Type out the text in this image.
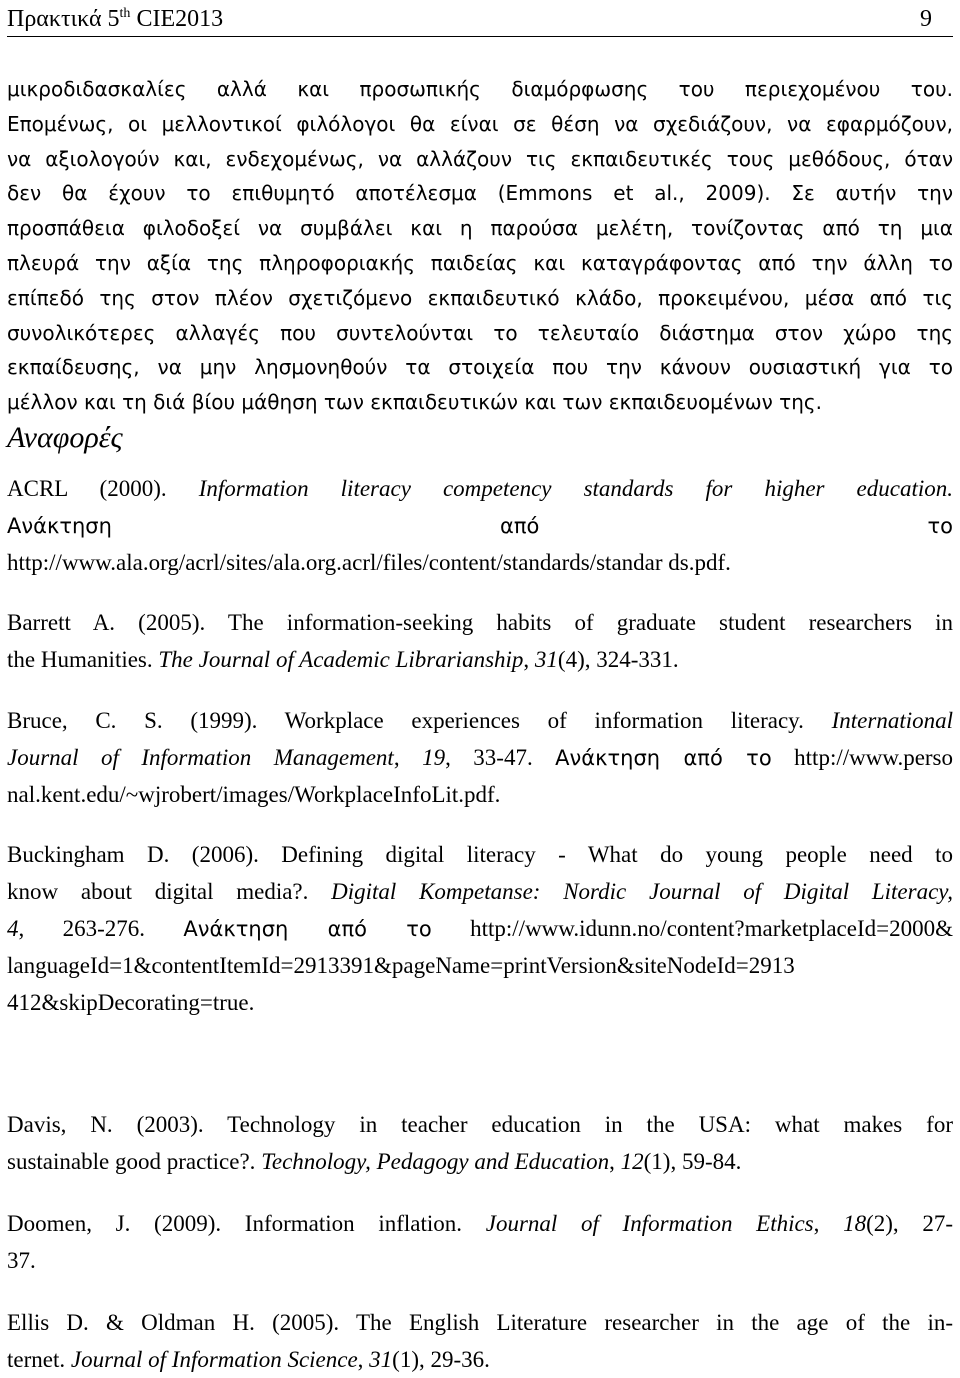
Πρακτικά 5th CIE2013	9
μικροδιδασκαλίες αλλά και προσωπικής διαμόρφωσης του περιεχομένου του.
Επομένως, οι μελλοντικοί φιλόλογοι θα είναι σε θέση να σχεδιάζουν, να εφαρμόζουν,
να αξιολογούν και, ενδεχομένως, να αλλάζουν τις εκπαιδευτικές τους μεθόδους, όταν
δεν θα έχουν το επιθυμητό αποτέλεσμα (Emmons et al., 2009). Σε αυτήν την
προσπάθεια φιλοδοξεί να συμβάλει και η παρούσα μελέτη, τονίζοντας από τη μια
πλευρά την αξία της πληροφοριακής παιδείας και καταγράφοντας από την άλλη το
επίπεδό της στον πλέον σχετιζόμενο εκπαιδευτικό κλάδο, προκειμένου, μέσα από τις
συνολικότερες αλλαγές που συντελούνται το τελευταίο διάστημα στον χώρο της
εκπαίδευσης, να μην λησμονηθούν τα στοιχεία που την κάνουν ουσιαστική για το
μέλλον και τη διά βίου μάθηση των εκπαιδευτικών και των εκπαιδευομένων της.
Αναφορές
ACRL (2000). Information literacy competency standards for higher education.
Ανάκτηση από το
http://www.ala.org/acrl/sites/ala.org.acrl/files/content/standards/standar ds.pdf.
Barrett A. (2005). The information-seeking habits of graduate student researchers in
the Humanities. The Journal of Academic Librarianship, 31(4), 324-331.
Bruce, C. S. (1999). Workplace experiences of information literacy. International
Journal of Information Management, 19, 33-47. Ανάκτηση από το http://www.perso
nal.kent.edu/~wjrobert/images/WorkplaceInfoLit.pdf.
Buckingham D. (2006). Defining digital literacy - What do young people need to
know about digital media?. Digital Kompetanse: Nordic Journal of Digital Literacy,
4, 263-276. Ανάκτηση από το http://www.idunn.no/content?marketplaceId=2000&
languageId=1&contentItemId=2913391&pageName=printVersion&siteNodeId=2913
412&skipDecorating=true.
Davis, N. (2003). Technology in teacher education in the USA: what makes for
sustainable good practice?. Technology, Pedagogy and Education, 12(1), 59-84.
Doomen, J. (2009). Information inflation. Journal of Information Ethics, 18(2), 27-
37.
Ellis D. & Oldman H. (2005). The English Literature researcher in the age of the in-
ternet. Journal of Information Science, 31(1), 29-36.
